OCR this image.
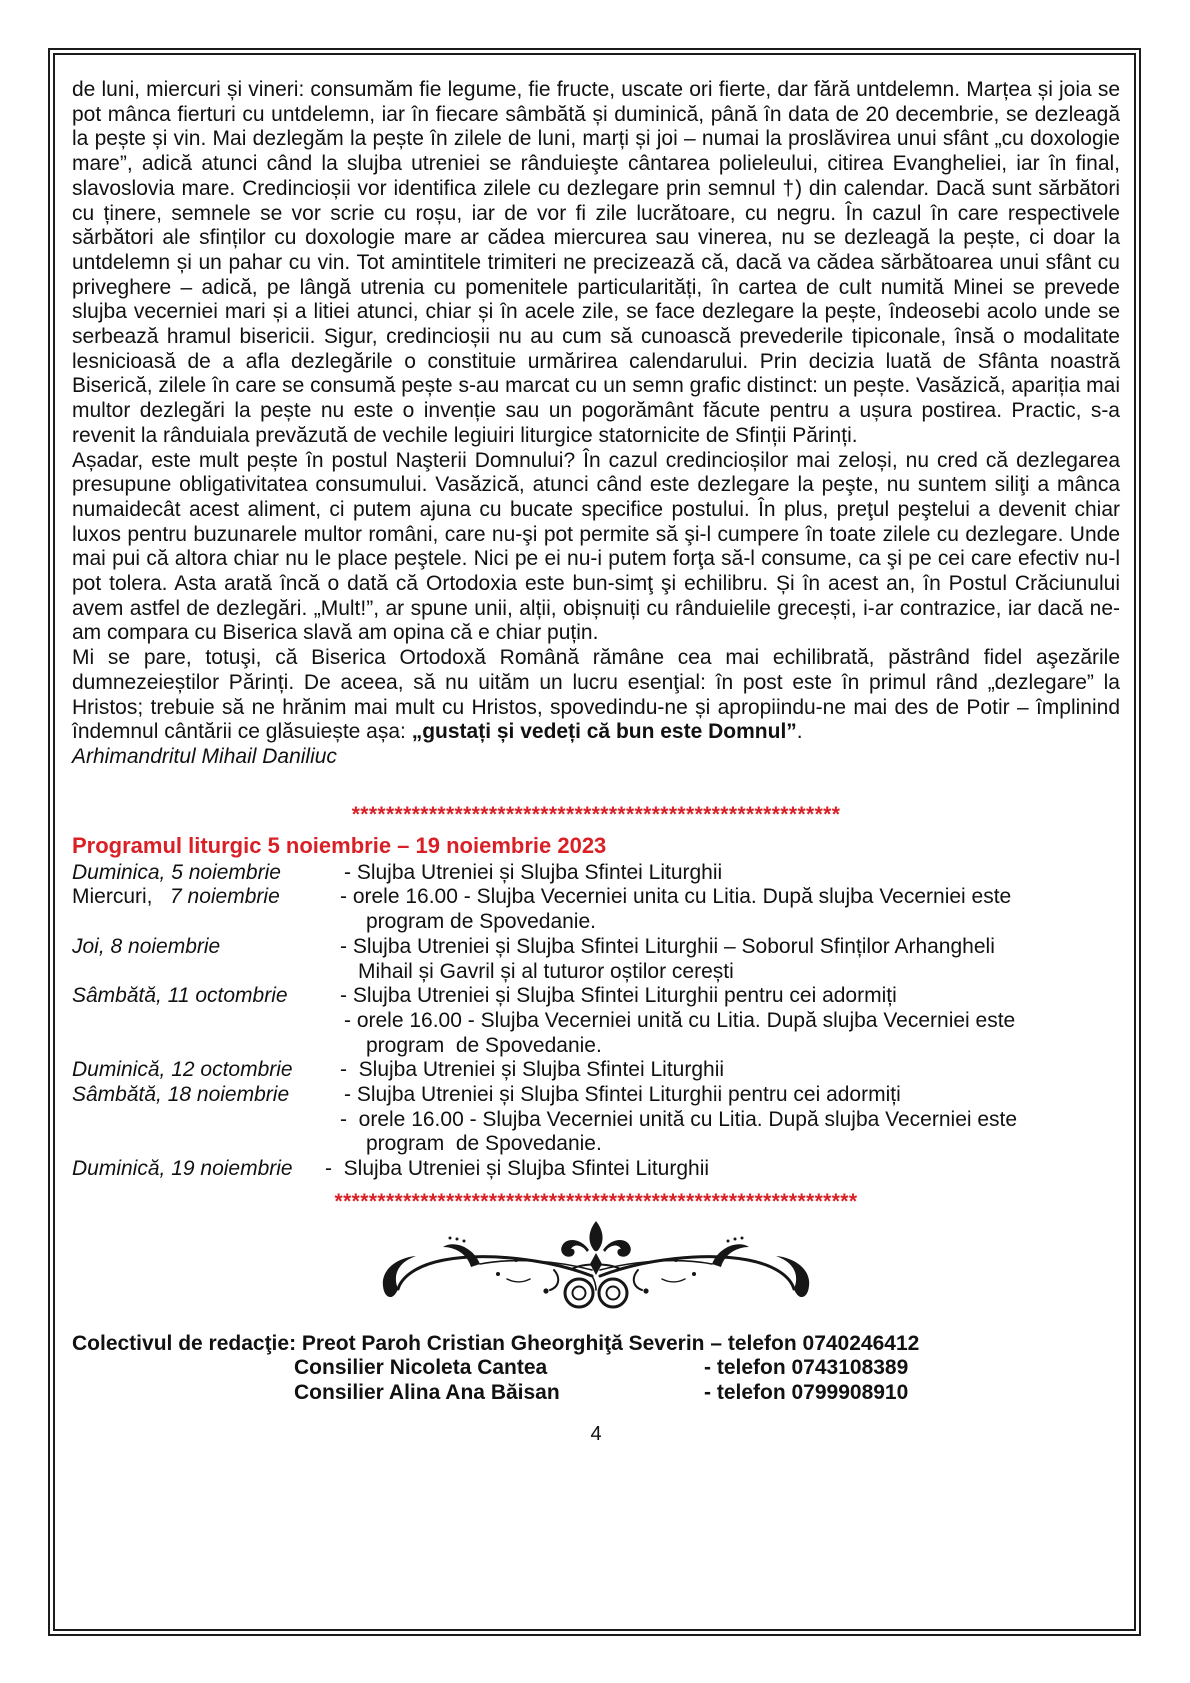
de luni, miercuri și vineri: consumăm fie legume, fie fructe, uscate ori fierte, dar fără untdelemn. Marțea și joia se pot mânca fierturi cu untdelemn, iar în fiecare sâmbătă și duminică, până în data de 20 decembrie, se dezleagă la pește și vin. Mai dezlegăm la pește în zilele de luni, marți și joi – numai la proslăvirea unui sfânt „cu doxologie mare”, adică atunci când la slujba utreniei se rânduieşte cântarea polieleului, citirea Evangheliei, iar în final, slavoslovia mare. Credincioșii vor identifica zilele cu dezlegare prin semnul †) din calendar. Dacă sunt sărbători cu ținere, semnele se vor scrie cu roșu, iar de vor fi zile lucrătoare, cu negru. În cazul în care respectivele sărbători ale sfinților cu doxologie mare ar cădea miercurea sau vinerea, nu se dezleagă la pește, ci doar la untdelemn și un pahar cu vin. Tot amintitele trimiteri ne precizează că, dacă va cădea sărbătoarea unui sfânt cu priveghere – adică, pe lângă utrenia cu pomenitele particularități, în cartea de cult numită Minei se prevede slujba vecerniei mari și a litiei atunci, chiar și în acele zile, se face dezlegare la pește, îndeosebi acolo unde se serbează hramul bisericii. Sigur, credincioșii nu au cum să cunoască prevederile tipiconale, însă o modalitate lesnicioasă de a afla dezlegările o constituie urmărirea calendarului. Prin decizia luată de Sfânta noastră Biserică, zilele în care se consumă pește s-au marcat cu un semn grafic distinct: un pește. Vasăzică, apariția mai multor dezlegări la pește nu este o invenție sau un pogorământ făcute pentru a ușura postirea. Practic, s-a revenit la rânduiala prevăzută de vechile legiuiri liturgice statornicite de Sfinții Părinți.

Așadar, este mult pește în postul Naşterii Domnului? În cazul credincioșilor mai zeloși, nu cred că dezlegarea presupune obligativitatea consumului. Vasăzică, atunci când este dezlegare la peşte, nu suntem siliţi a mânca numaidecât acest aliment, ci putem ajuna cu bucate specifice postului. În plus, preţul peştelui a devenit chiar luxos pentru buzunarele multor români, care nu-şi pot permite să şi-l cumpere în toate zilele cu dezlegare. Unde mai pui că altora chiar nu le place peştele. Nici pe ei nu-i putem forţa să-l consume, ca şi pe cei care efectiv nu-l pot tolera. Asta arată încă o dată că Ortodoxia este bun-simţ şi echilibru. Și în acest an, în Postul Crăciunului avem astfel de dezlegări. „Mult!”, ar spune unii, alții, obișnuiți cu rânduielile grecești, i-ar contrazice, iar dacă ne-am compara cu Biserica slavă am opina că e chiar puțin.

Mi se pare, totuşi, că Biserica Ortodoxă Română rămâne cea mai echilibrată, păstrând fidel aşezările dumnezeieștilor Părinți. De aceea, să nu uităm un lucru esenţial: în post este în primul rând „dezlegare” la Hristos; trebuie să ne hrănim mai mult cu Hristos, spovedindu-ne și apropiindu-ne mai des de Potir – împlinind îndemnul cântării ce glăsuiește așa: „gustați și vedeți că bun este Domnul”.

Arhimandritul Mihail Daniliuc

*********************************************************
Programul liturgic 5 noiembrie – 19 noiembrie 2023
Duminica, 5 noiembrie	- Slujba Utreniei și Slujba Sfintei Liturghii
Miercuri,   7 noiembrie	- orele 16.00 - Slujba Vecerniei unita cu Litia. După slujba Vecerniei este
program de Spovedanie.
Joi, 8 noiembrie	- Slujba Utreniei și Slujba Sfintei Liturghii – Soborul Sfinților Arhangheli
Mihail și Gavril și al tuturor oștilor cerești
Sâmbătă, 11 octombrie	- Slujba Utreniei și Slujba Sfintei Liturghii pentru cei adormiți
- orele 16.00 - Slujba Vecerniei unită cu Litia. După slujba Vecerniei este
program  de Spovedanie.
Duminică, 12 octombrie	-  Slujba Utreniei și Slujba Sfintei Liturghii
Sâmbătă, 18 noiembrie	- Slujba Utreniei și Slujba Sfintei Liturghii pentru cei adormiți
-  orele 16.00 - Slujba Vecerniei unită cu Litia. După slujba Vecerniei este
program  de Spovedanie.
Duminică, 19 noiembrie	-  Slujba Utreniei și Slujba Sfintei Liturghii
*************************************************************
Colectivul de redacţie: Preot Paroh Cristian Gheorghiţă Severin – telefon 0740246412
Consilier Nicoleta Cantea	- telefon 0743108389
Consilier Alina Ana Băisan	- telefon 0799908910
4
